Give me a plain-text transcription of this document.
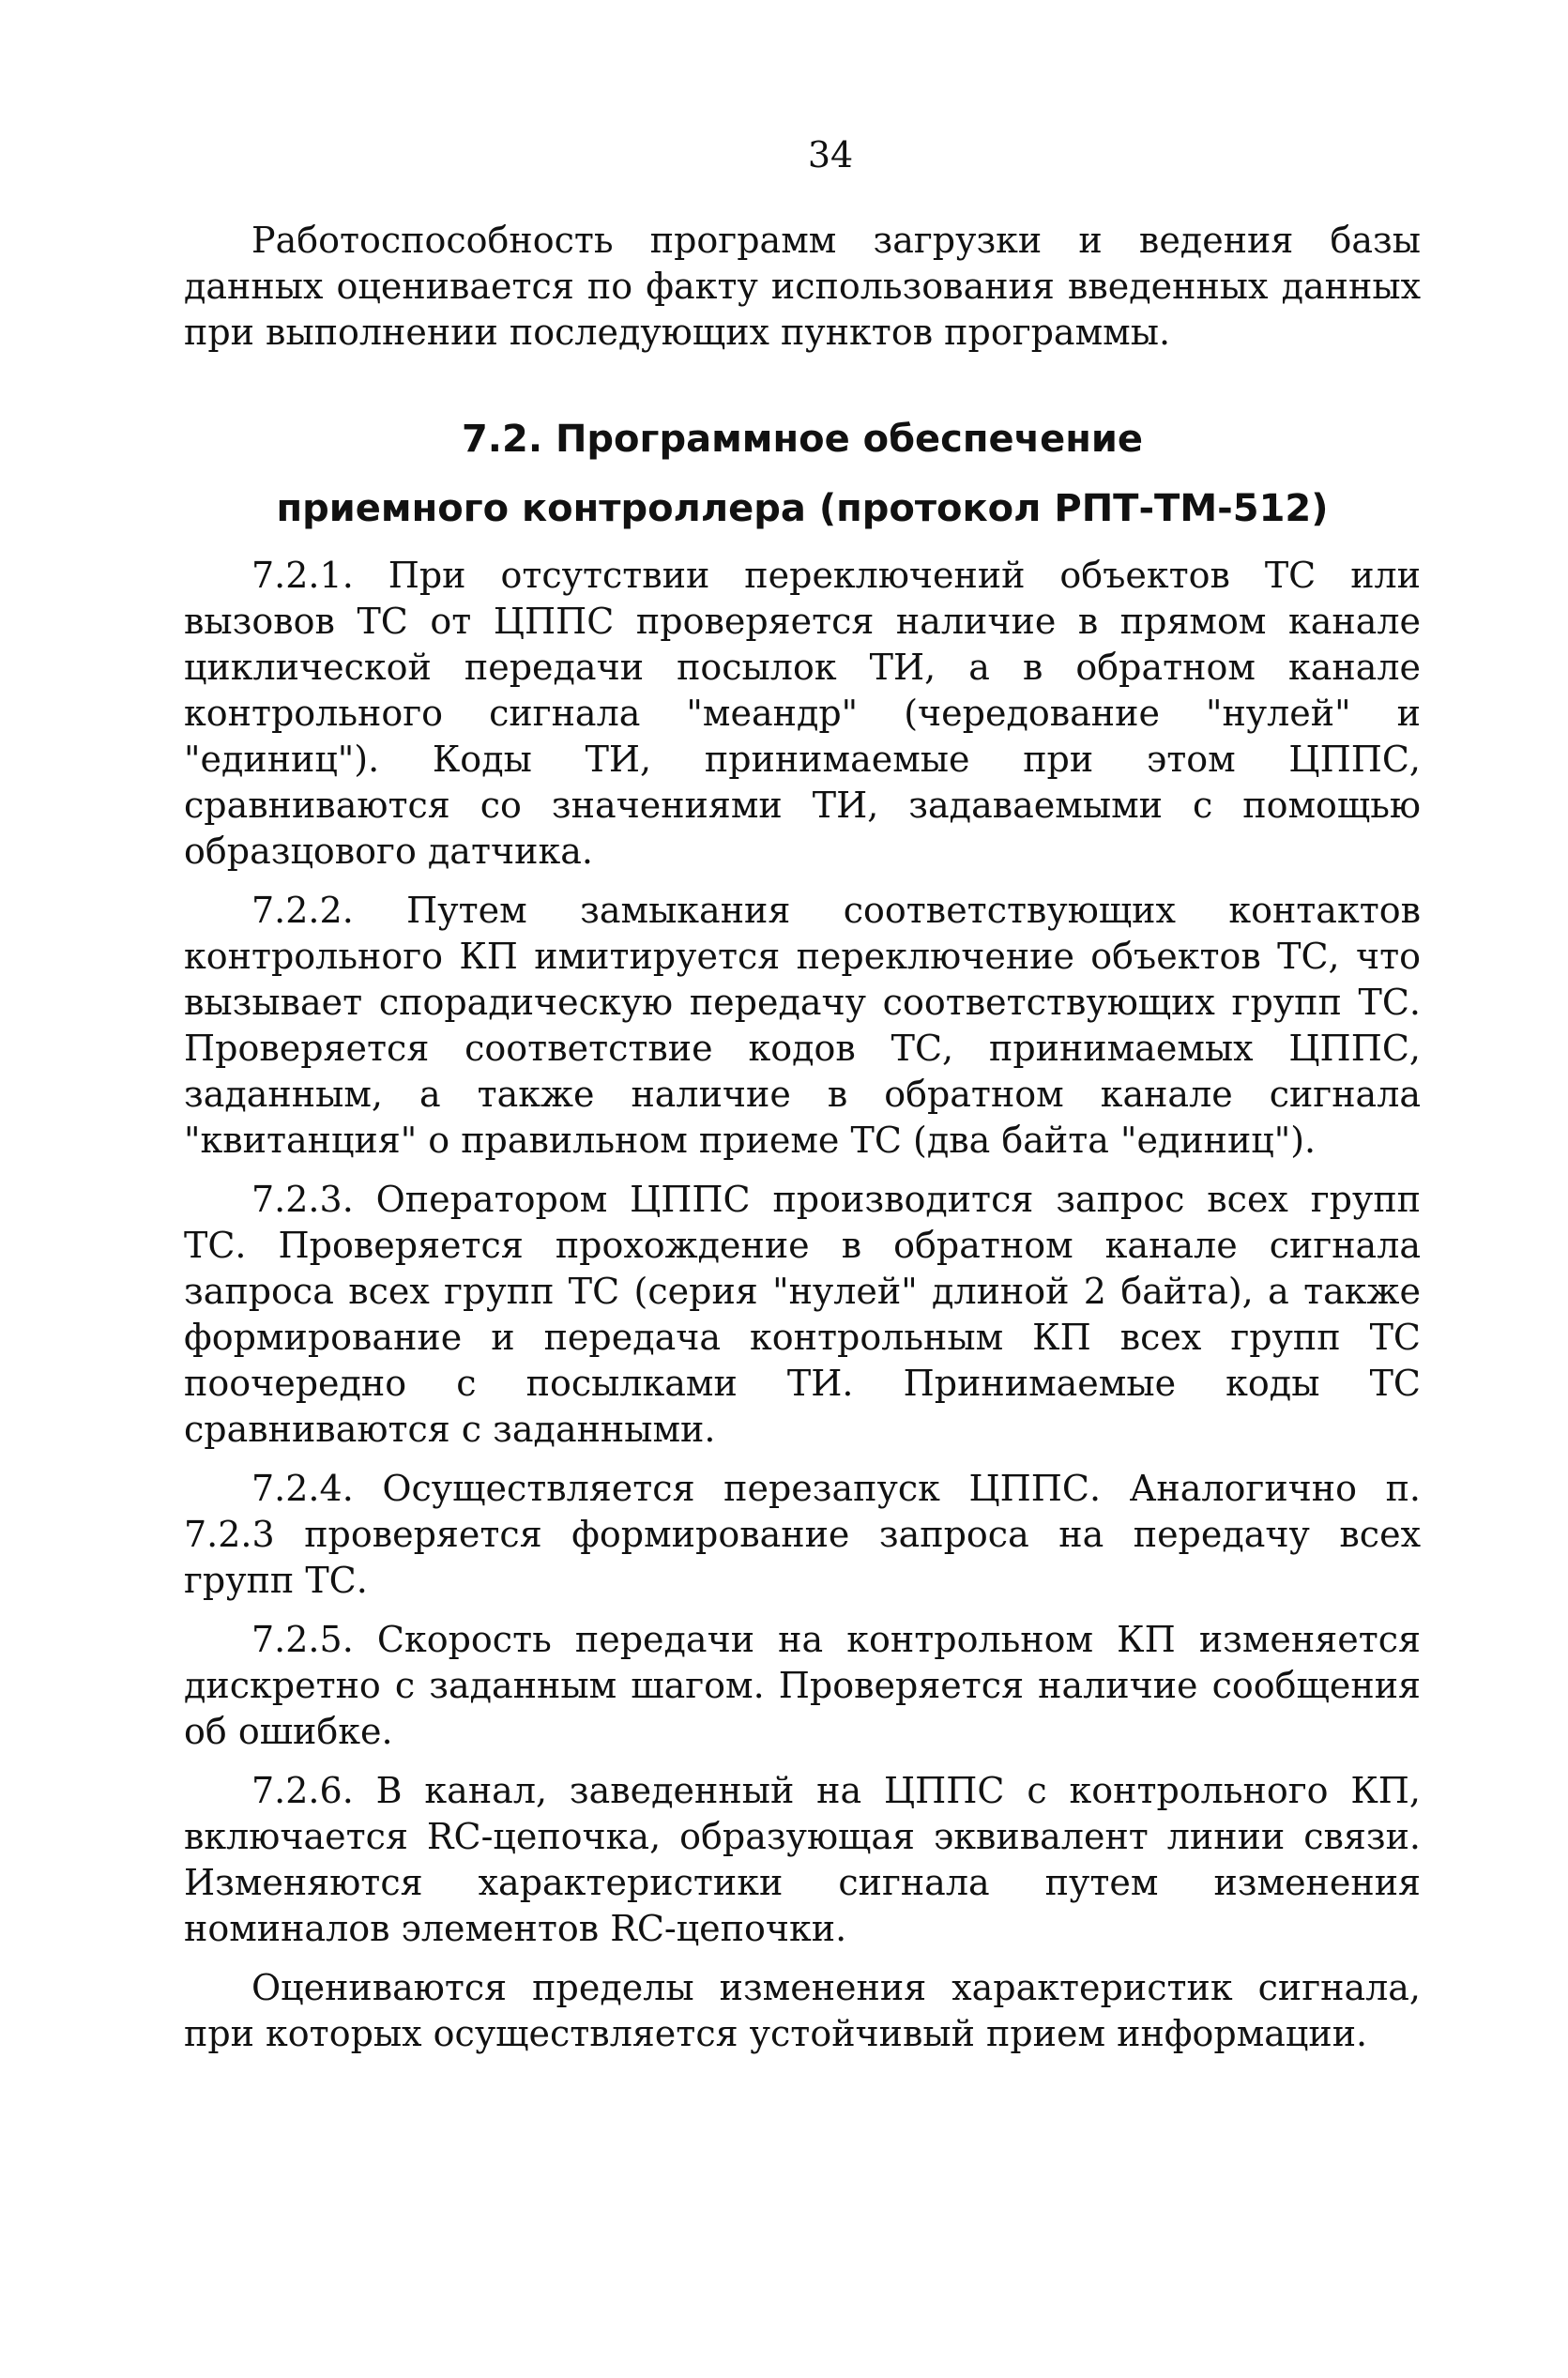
34

Работоспособность программ загрузки и ведения базы данных оценивается по факту использования введенных данных при выполнении последующих пунктов программы.

7.2. Программное обеспечение
приемного контроллера (протокол РПТ-ТМ-512)

7.2.1. При отсутствии переключений объектов ТС или вызовов ТС от ЦППС проверяется наличие в прямом канале циклической передачи посылок ТИ, а в обратном канале контрольного сигнала "меандр" (чередование "нулей" и "единиц"). Коды ТИ, принимаемые при этом ЦППС, сравниваются со значениями ТИ, задаваемыми с помощью образцового датчика.

7.2.2. Путем замыкания соответствующих контактов контрольного КП имитируется переключение объектов ТС, что вызывает спорадическую передачу соответствующих групп ТС. Проверяется соответствие кодов ТС, принимаемых ЦППС, заданным, а также наличие в обратном канале сигнала "квитанция" о правильном приеме ТС (два байта "единиц").

7.2.3. Оператором ЦППС производится запрос всех групп ТС. Проверяется прохождение в обратном канале сигнала запроса всех групп ТС (серия "нулей" длиной 2 байта), а также формирование и передача контрольным КП всех групп ТС поочередно с посылками ТИ. Принимаемые коды ТС сравниваются с заданными.

7.2.4. Осуществляется перезапуск ЦППС. Аналогично п. 7.2.3 проверяется формирование запроса на передачу всех групп ТС.

7.2.5. Скорость передачи на контрольном КП изменяется дискретно с заданным шагом. Проверяется наличие сообщения об ошибке.

7.2.6. В канал, заведенный на ЦППС с контрольного КП, включается RC-цепочка, образующая эквивалент линии связи. Изменяются характеристики сигнала путем изменения номиналов элементов RC-цепочки.

Оцениваются пределы изменения характеристик сигнала, при которых осуществляется устойчивый прием информации.
